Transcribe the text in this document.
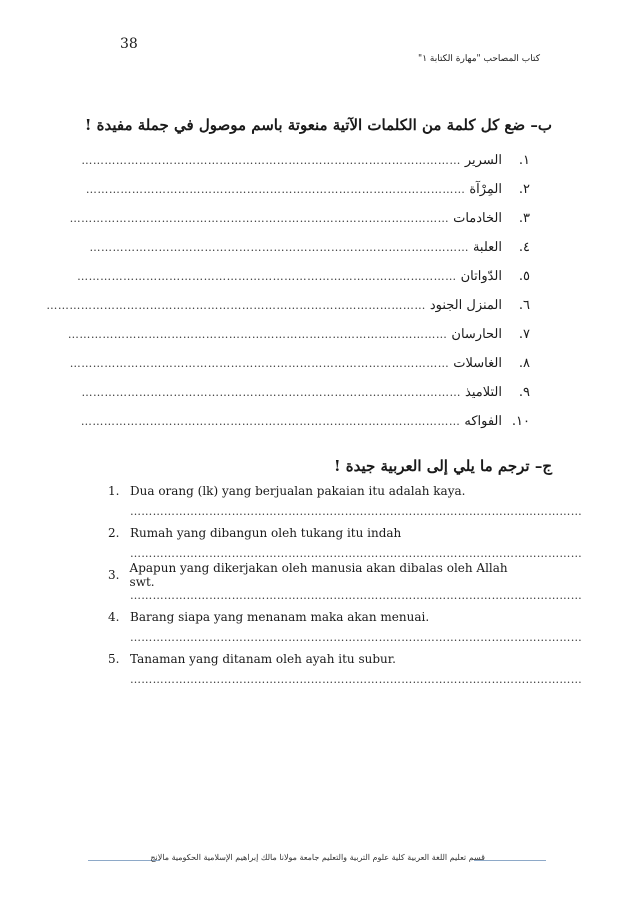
38
كتاب المصاحب "مهارة الكتابة ١"
ب– ضع كل كلمة من الكلمات الآتية منعوتة باسم موصول في جملة مفيدة !
١.
السرير
………………………………………………………………………………………
٢.
المِرْآة
………………………………………………………………………………………
٣.
الخادمات
………………………………………………………………………………………
٤.
العلبة
………………………………………………………………………………………
٥.
الدّواتان
………………………………………………………………………………………
٦.
المنزل الجنود
………………………………………………………………………………………
٧.
الحارسان
………………………………………………………………………………………
٨.
الغاسلات
………………………………………………………………………………………
٩.
التلاميذ
………………………………………………………………………………………
١٠.
الفواكه
………………………………………………………………………………………
ج– ترجم ما يلي إلى العربية جيدة !
1. Dua orang (lk) yang berjualan pakaian itu adalah kaya.
…………………………………………………………………………………………………………
2. Rumah yang dibangun oleh tukang itu indah
…………………………………………………………………………………………………………
3. Apapun yang dikerjakan oleh manusia akan dibalas oleh Allah swt.
…………………………………………………………………………………………………………
4. Barang siapa yang menanam maka akan menuai.
…………………………………………………………………………………………………………
5. Tanaman yang ditanam oleh ayah itu subur.
…………………………………………………………………………………………………………
قسم تعليم اللغة العربية كلية علوم التربية والتعليم جامعة مولانا مالك إبراهيم الإسلامية الحكومية مالانج
